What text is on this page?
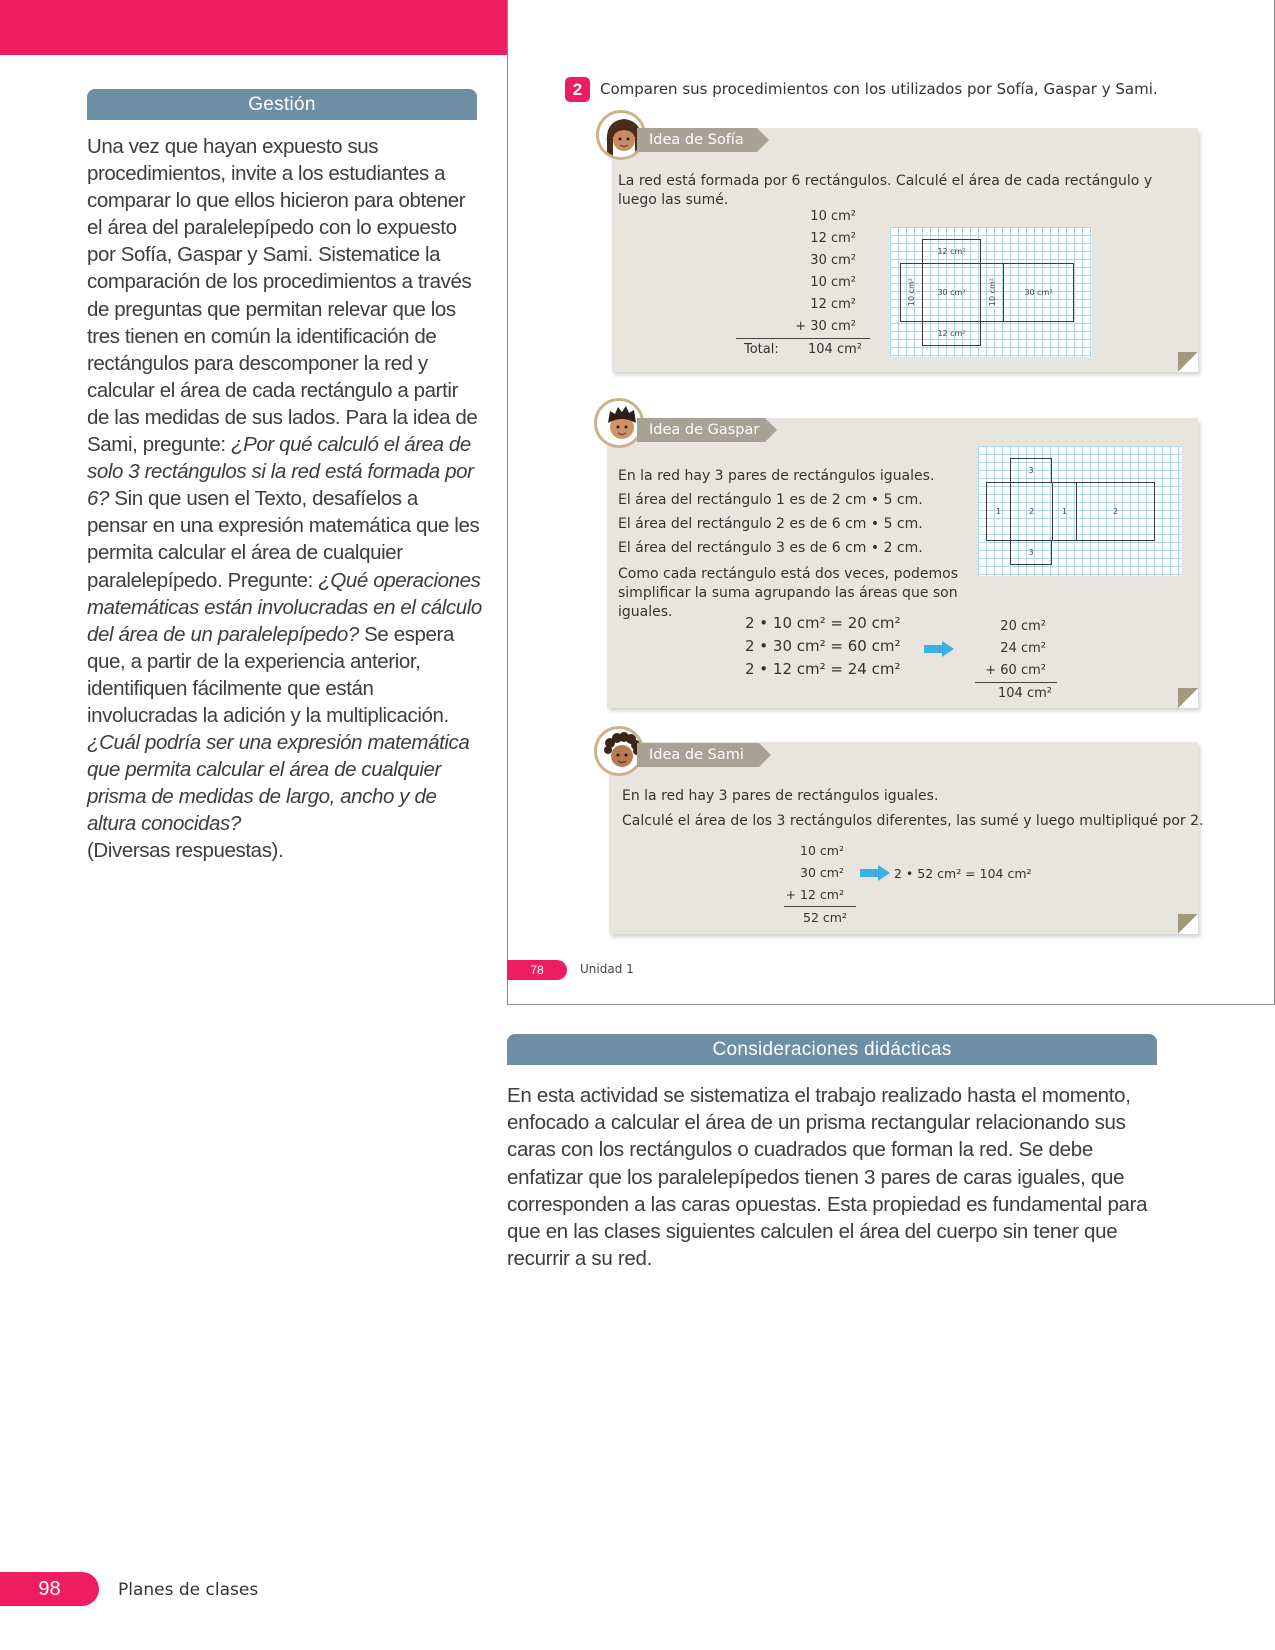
Gestión

Una vez que hayan expuesto sus procedimientos, invite a los estudiantes a comparar lo que ellos hicieron para obtener el área del paralelepípedo con lo expuesto por Sofía, Gaspar y Sami. Sistematice la comparación de los procedimientos a través de preguntas que permitan relevar que los tres tienen en común la identificación de rectángulos para descomponer la red y calcular el área de cada rectángulo a partir de las medidas de sus lados. Para la idea de Sami, pregunte: ¿Por qué calculó el área de solo 3 rectángulos si la red está formada por 6? Sin que usen el Texto, desafíelos a pensar en una expresión matemática que les permita calcular el área de cualquier paralelepípedo. Pregunte: ¿Qué operaciones matemáticas están involucradas en el cálculo del área de un paralelepípedo? Se espera que, a partir de la experiencia anterior, identifiquen fácilmente que están involucradas la adición y la multiplicación. ¿Cuál podría ser una expresión matemática que permita calcular el área de cualquier prisma de medidas de largo, ancho y de altura conocidas?
(Diversas respuestas).

2	Comparen sus procedimientos con los utilizados por Sofía, Gaspar y Sami.
Idea de Sofía
La red está formada por 6 rectángulos. Calculé el área de cada rectángulo y luego las sumé.
10 cm²
12 cm²
30 cm²
10 cm²
12 cm²
+ 30 cm²
Total: 104 cm²
12 cm²
10 cm²	30 cm²	10 cm²	30 cm²
12 cm²
Idea de Gaspar
En la red hay 3 pares de rectángulos iguales.
El área del rectángulo 1 es de 2 cm • 5 cm.
El área del rectángulo 2 es de 6 cm • 5 cm.
El área del rectángulo 3 es de 6 cm • 2 cm.
Como cada rectángulo está dos veces, podemos simplificar la suma agrupando las áreas que son iguales.
2 • 10 cm² = 20 cm²
2 • 30 cm² = 60 cm²
2 • 12 cm² = 24 cm²
20 cm²
24 cm²
+ 60 cm²
104 cm²
3
1	2	1	2
3
Idea de Sami
En la red hay 3 pares de rectángulos iguales.
Calculé el área de los 3 rectángulos diferentes, las sumé y luego multipliqué por 2.
10 cm²
30 cm²
+ 12 cm²
52 cm²
2 • 52 cm² = 104 cm²
78	Unidad 1
Consideraciones didácticas
En esta actividad se sistematiza el trabajo realizado hasta el momento, enfocado a calcular el área de un prisma rectangular relacionando sus caras con los rectángulos o cuadrados que forman la red. Se debe enfatizar que los paralelepípedos tienen 3 pares de caras iguales, que corresponden a las caras opuestas. Esta propiedad es fundamental para que en las clases siguientes calculen el área del cuerpo sin tener que recurrir a su red.
98	Planes de clases
